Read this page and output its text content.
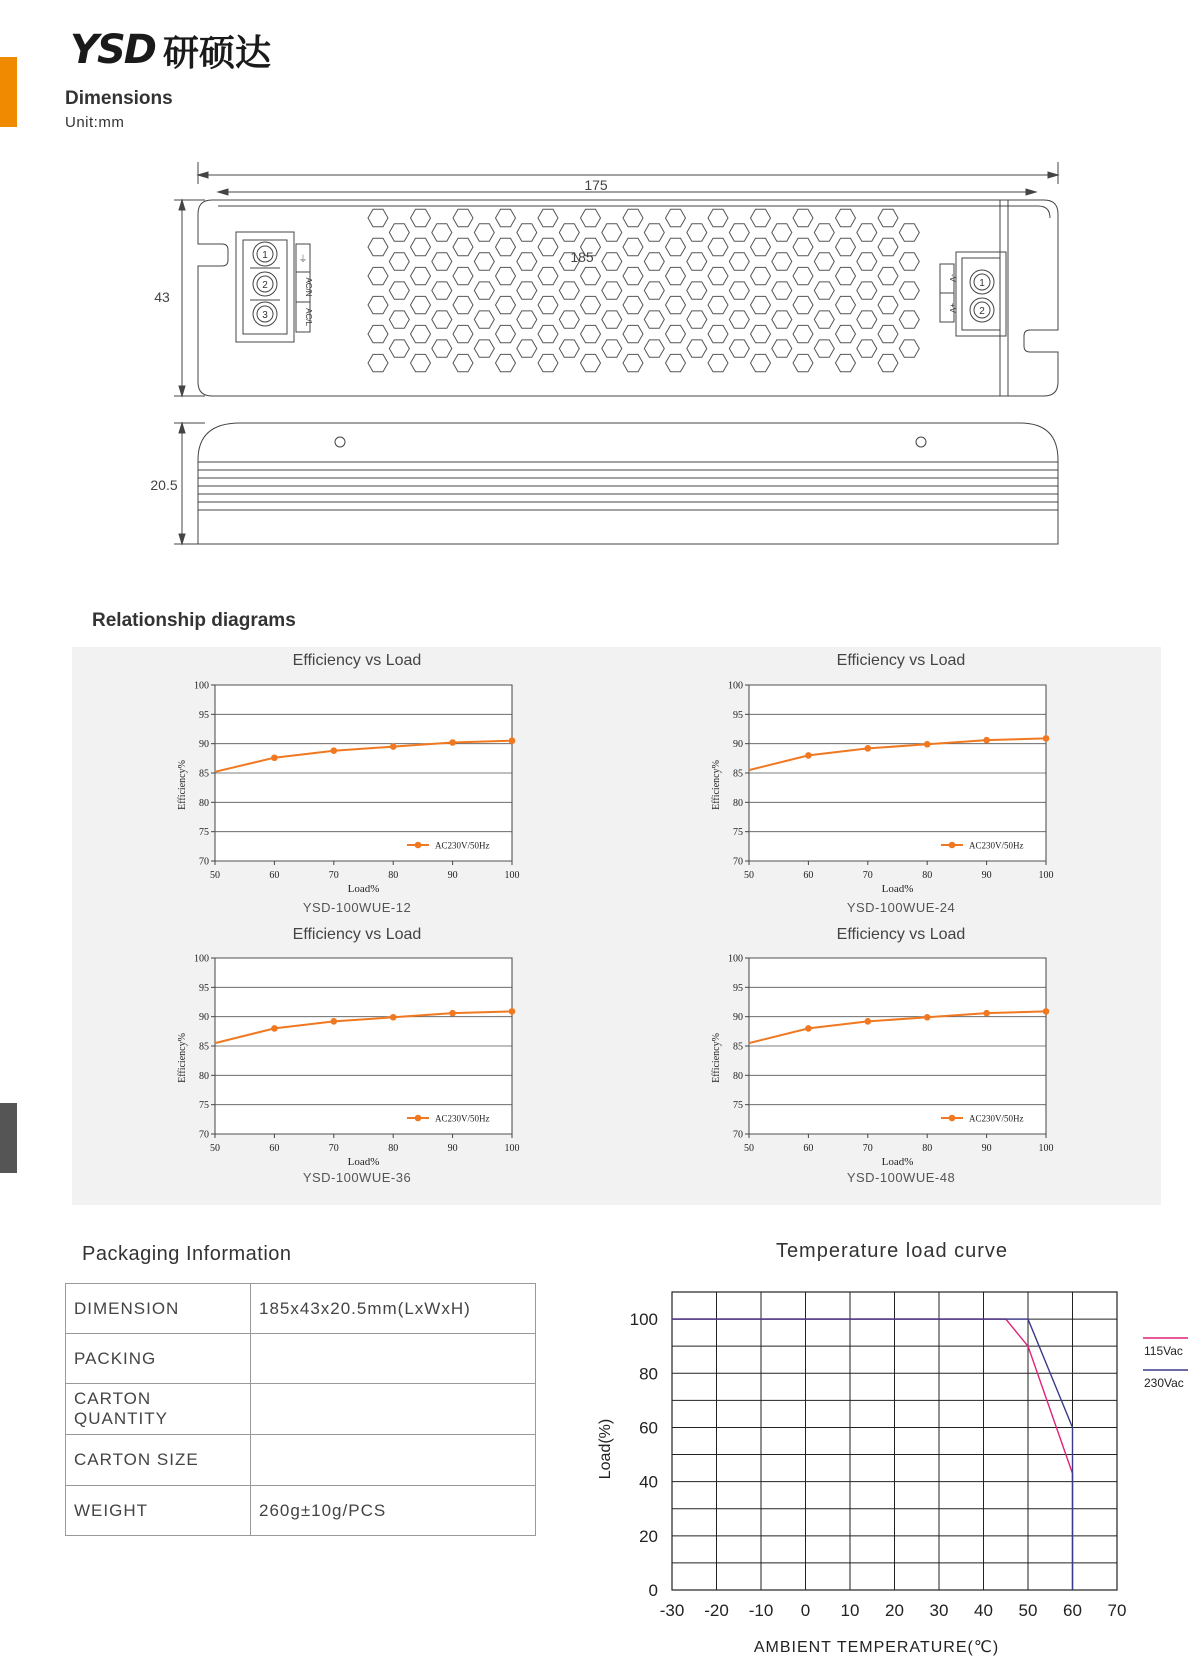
YSD 研硕达
Dimensions
Unit:mm
175
185
43
20.5
1
2
3
⏚
AC/N
AC/L
1
2
-V
+V
Relationship diagrams
Efficiency vs Load	Efficiency vs Load
Efficiency vs Load	Efficiency vs Load
YSD-100WUE-12	YSD-100WUE-24
YSD-100WUE-36	YSD-100WUE-48
70
75
80
85
90
95
100
50	60	70	80	90	100
Load%
Efficiency%
AC230V/50Hz
70
75
80
85
90
95
100
50	60	70	80	90	100
Load%
Efficiency%
AC230V/50Hz
70
75
80
85
90
95
100
50	60	70	80	90	100
Load%
Efficiency%
AC230V/50Hz
70
75
80
85
90
95
100
50	60	70	80	90	100
Load%
Efficiency%
AC230V/50Hz
Packaging Information
DIMENSION	185x43x20.5mm(LxWxH)
PACKING	
CARTON QUANTITY	
CARTON SIZE	
WEIGHT	260g±10g/PCS
Temperature load curve
0
20
40
60
80
100
-30 -20 -10 0 10 20 30 40 50 60 70
AMBIENT TEMPERATURE(℃)
Load(%)
115Vac
230Vac
